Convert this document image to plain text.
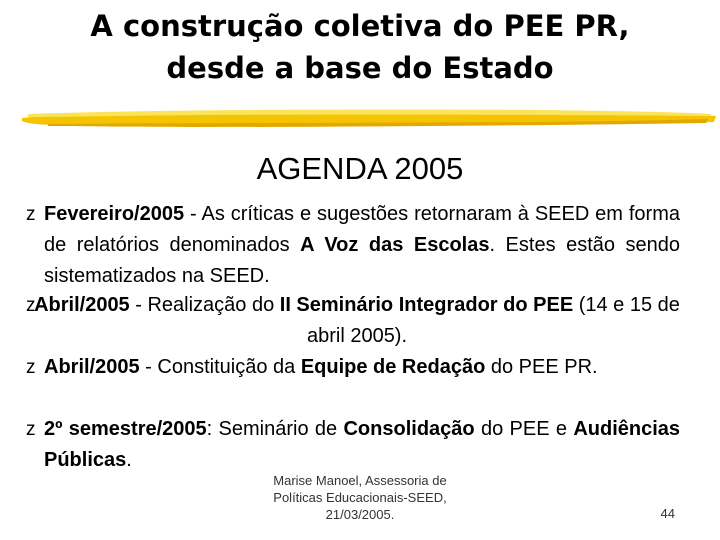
A construção coletiva do PEE PR,
desde a base do Estado
AGENDA 2005
z Fevereiro/2005 - As críticas e sugestões retornaram à SEED em forma de relatórios denominados A Voz das Escolas. Estes estão sendo sistematizados na SEED.
z
Abril/2005 - Realização do II Seminário Integrador do PEE (14 e 15 de abril 2005).
z Abril/2005 - Constituição da Equipe de Redação do PEE PR.
z 2º semestre/2005: Seminário de Consolidação do PEE e Audiências Públicas.
Marise Manoel, Assessoria de
Políticas Educacionais-SEED,
21/03/2005.	44
